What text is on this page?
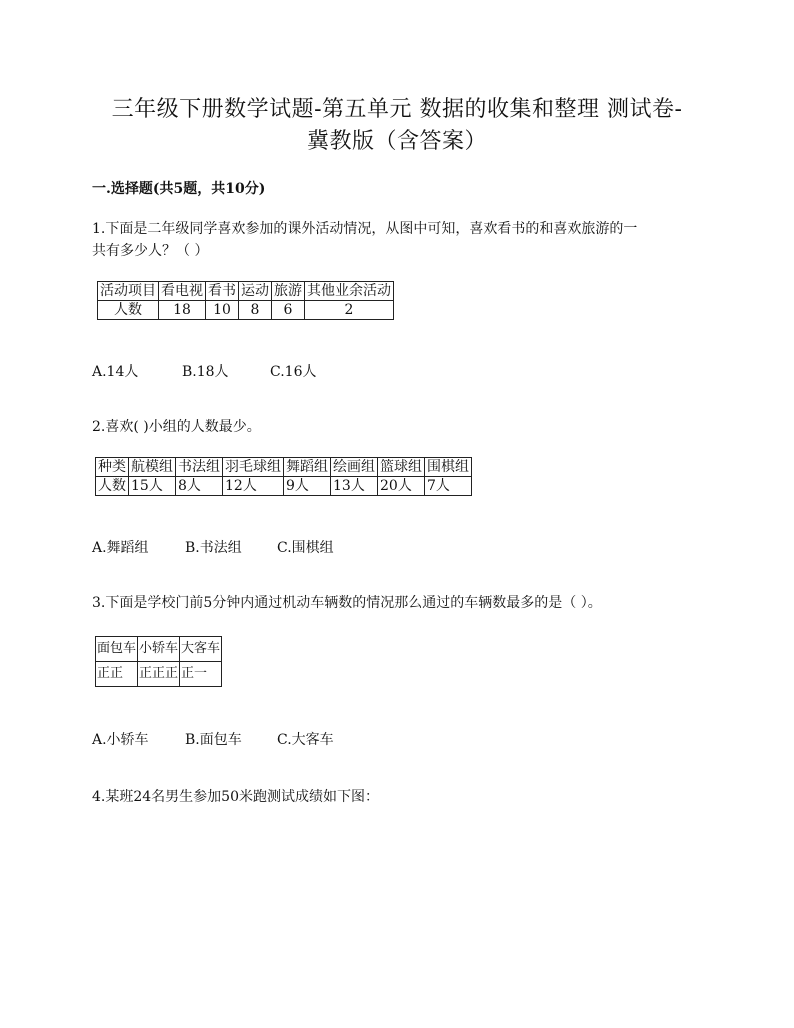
三年级下册数学试题-第五单元 数据的收集和整理 测试卷-
冀教版（含答案）
一.选择题(共5题，共10分)
1.下面是二年级同学喜欢参加的课外活动情况，从图中可知，喜欢看书的和喜欢旅游的一
共有多少人？（ ）
活动项目	看电视	看书	运动	旅游	其他业余活动
人数	18	10	8	6	2
A.14人	B.18人	C.16人
2.喜欢( )小组的人数最少。
种类	航模组	书法组	羽毛球组	舞蹈组	绘画组	篮球组	围棋组
人数	15人	8人	12人	9人	13人	20人	7人
A.舞蹈组	B.书法组	C.围棋组
3.下面是学校门前5分钟内通过机动车辆数的情况那么通过的车辆数最多的是（ ）。
面包车	小轿车	大客车
正正	正正正	正一
A.小轿车	B.面包车	C.大客车
4.某班24名男生参加50米跑测试成绩如下图：
